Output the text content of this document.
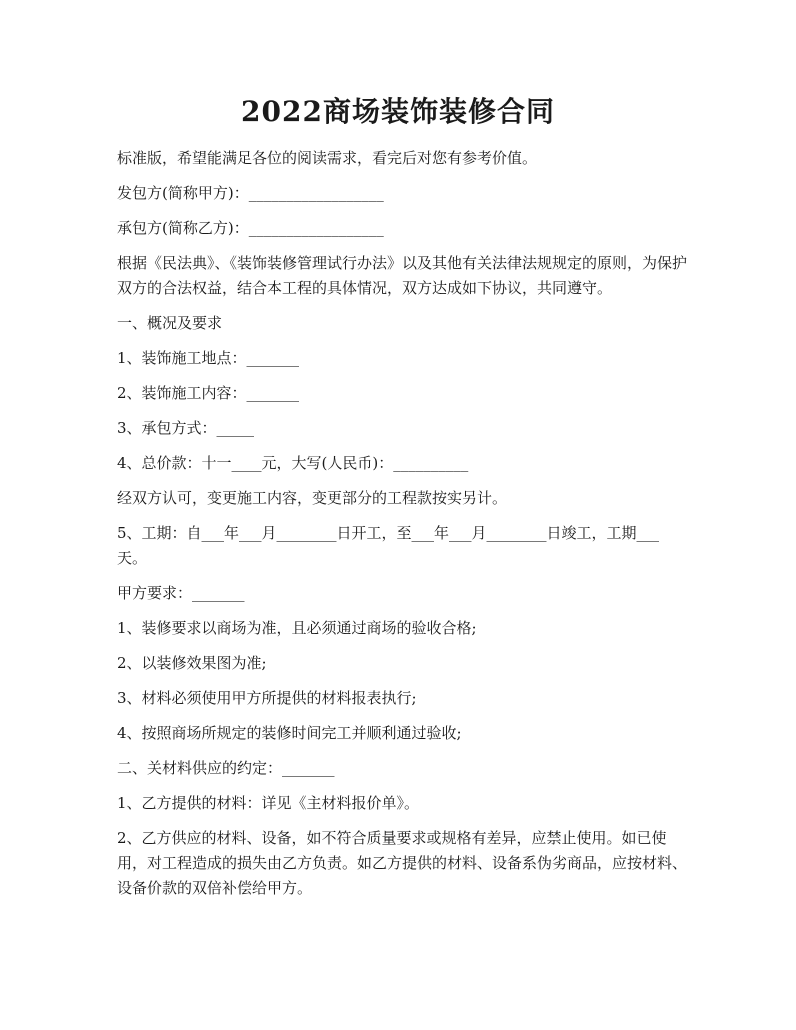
2022商场装饰装修合同

标准版，希望能满足各位的阅读需求，看完后对您有参考价值。

发包方(简称甲方)：__________________

承包方(简称乙方)：__________________

根据《民法典》、《装饰装修管理试行办法》以及其他有关法律法规规定的原则，为保护双方的合法权益，结合本工程的具体情况，双方达成如下协议，共同遵守。

一、概况及要求

1、装饰施工地点：_______

2、装饰施工内容：_______

3、承包方式：_____

4、总价款：十一____元，大写(人民币)：__________

经双方认可，变更施工内容，变更部分的工程款按实另计。

5、工期：自___年___月________日开工，至___年___月________日竣工，工期___天。

甲方要求：_______

1、装修要求以商场为准，且必须通过商场的验收合格;

2、以装修效果图为准;

3、材料必须使用甲方所提供的材料报表执行;

4、按照商场所规定的装修时间完工并顺利通过验收;

二、关材料供应的约定：_______

1、乙方提供的材料：详见《主材料报价单》。

2、乙方供应的材料、设备，如不符合质量要求或规格有差异，应禁止使用。如已使用，对工程造成的损失由乙方负责。如乙方提供的材料、设备系伪劣商品，应按材料、设备价款的双倍补偿给甲方。
